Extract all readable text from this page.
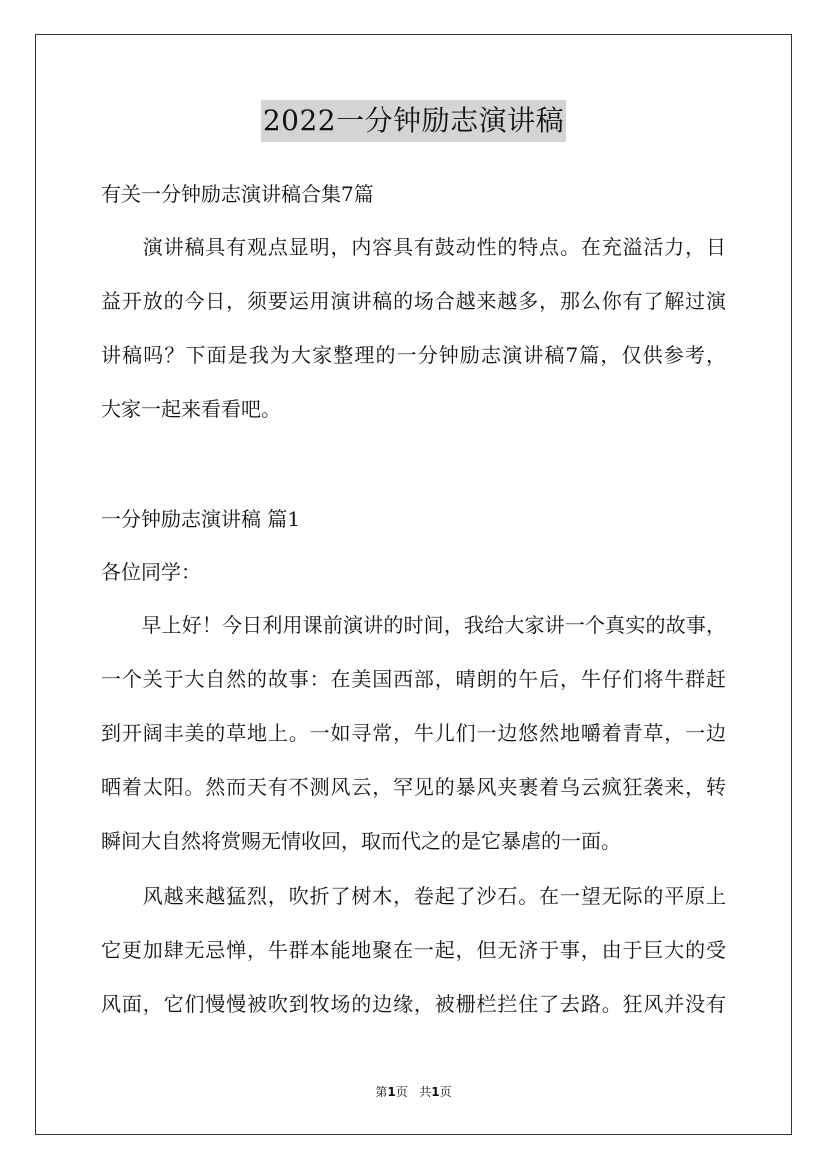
2022一分钟励志演讲稿
有关一分钟励志演讲稿合集7篇
　　演讲稿具有观点显明，内容具有鼓动性的特点。在充溢活力，日
益开放的今日，须要运用演讲稿的场合越来越多，那么你有了解过演
讲稿吗？下面是我为大家整理的一分钟励志演讲稿7篇，仅供参考，
大家一起来看看吧。
一分钟励志演讲稿 篇1
各位同学：
　　早上好！今日利用课前演讲的时间，我给大家讲一个真实的故事，
一个关于大自然的故事：在美国西部，晴朗的午后，牛仔们将牛群赶
到开阔丰美的草地上。一如寻常，牛儿们一边悠然地嚼着青草，一边
晒着太阳。然而天有不测风云，罕见的暴风夹裹着乌云疯狂袭来，转
瞬间大自然将赏赐无情收回，取而代之的是它暴虐的一面。
　　风越来越猛烈，吹折了树木，卷起了沙石。在一望无际的平原上
它更加肆无忌惮，牛群本能地聚在一起，但无济于事，由于巨大的受
风面，它们慢慢被吹到牧场的边缘，被栅栏拦住了去路。狂风并没有
第1页 共1页
